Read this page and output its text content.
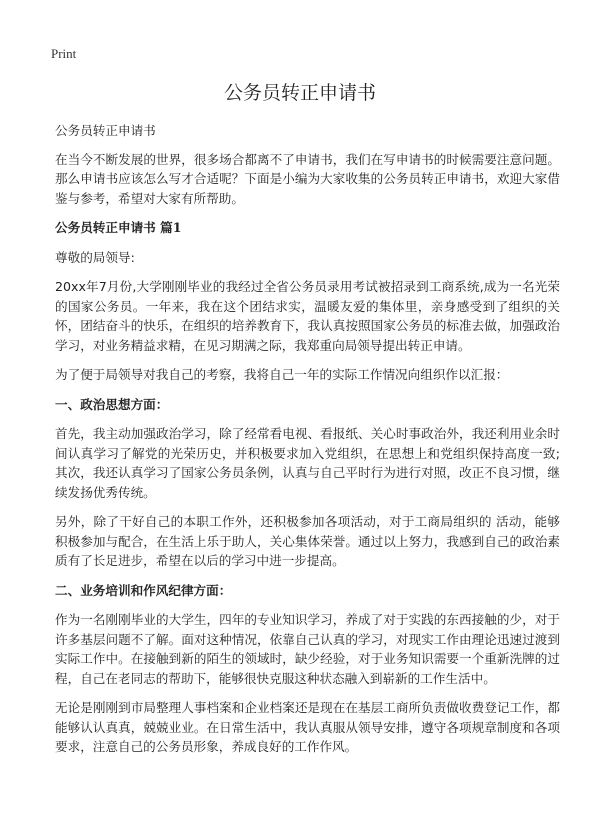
Print
公务员转正申请书

公务员转正申请书

在当今不断发展的世界，很多场合都离不了申请书，我们在写申请书的时候需要注意问题。那么申请书应该怎么写才合适呢？下面是小编为大家收集的公务员转正申请书，欢迎大家借鉴与参考，希望对大家有所帮助。

公务员转正申请书 篇1

尊敬的局领导:

20xx年7月份,大学刚刚毕业的我经过全省公务员录用考试被招录到工商系统,成为一名光荣的国家公务员。一年来，我在这个团结求实，温暖友爱的集体里，亲身感受到了组织的关怀，团结奋斗的快乐，在组织的培养教育下，我认真按照国家公务员的标准去做，加强政治学习，对业务精益求精，在见习期满之际，我郑重向局领导提出转正申请。

为了便于局领导对我自己的考察，我将自己一年的实际工作情况向组织作以汇报：

一、政治思想方面：

首先，我主动加强政治学习，除了经常看电视、看报纸、关心时事政治外，我还利用业余时间认真学习了解党的光荣历史，并积极要求加入党组织，在思想上和党组织保持高度一致;其次，我还认真学习了国家公务员条例，认真与自己平时行为进行对照，改正不良习惯，继续发扬优秀传统。

另外，除了干好自己的本职工作外，还积极参加各项活动，对于工商局组织的 活动，能够积极参加与配合，在生活上乐于助人，关心集体荣誉。通过以上努力，我感到自己的政治素质有了长足进步，希望在以后的学习中进一步提高。

二、业务培训和作风纪律方面：

作为一名刚刚毕业的大学生，四年的专业知识学习，养成了对于实践的东西接触的少，对于许多基层问题不了解。面对这种情况，依靠自己认真的学习，对现实工作由理论迅速过渡到实际工作中。在接触到新的陌生的领域时，缺少经验，对于业务知识需要一个重新洗牌的过程，自己在老同志的帮助下，能够很快克服这种状态融入到崭新的工作生活中。

无论是刚刚到市局整理人事档案和企业档案还是现在在基层工商所负责做收费登记工作，都能够认认真真，兢兢业业。在日常生活中，我认真服从领导安排，遵守各项规章制度和各项要求，注意自己的公务员形象，养成良好的工作作风。
